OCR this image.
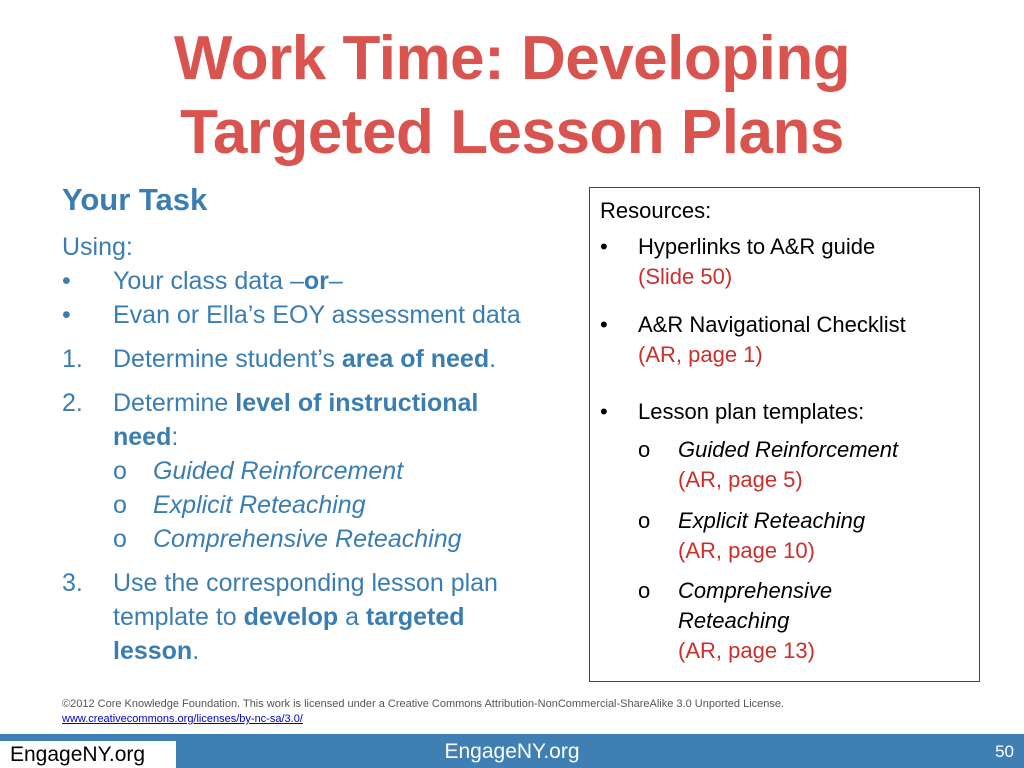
Work Time: Developing
Targeted Lesson Plans
Your Task
Using:
•	Your class data –or–
•	Evan or Ella’s EOY assessment data
1.	Determine student’s area of need.
2.	Determine level of instructional
need:
o	Guided Reinforcement
o	Explicit Reteaching
o	Comprehensive Reteaching
3.	Use the corresponding lesson plan
template to develop a targeted
lesson.
Resources:
•	Hyperlinks to A&R guide
(Slide 50)
•	A&R Navigational Checklist
(AR, page 1)
•	Lesson plan templates:
o	Guided Reinforcement
(AR, page 5)
o	Explicit Reteaching
(AR, page 10)
o	Comprehensive
Reteaching
(AR, page 13)
©2012 Core Knowledge Foundation. This work is licensed under a Creative Commons Attribution-NonCommercial-ShareAlike 3.0 Unported License.
www.creativecommons.org/licenses/by-nc-sa/3.0/
EngageNY.org	EngageNY.org	50
